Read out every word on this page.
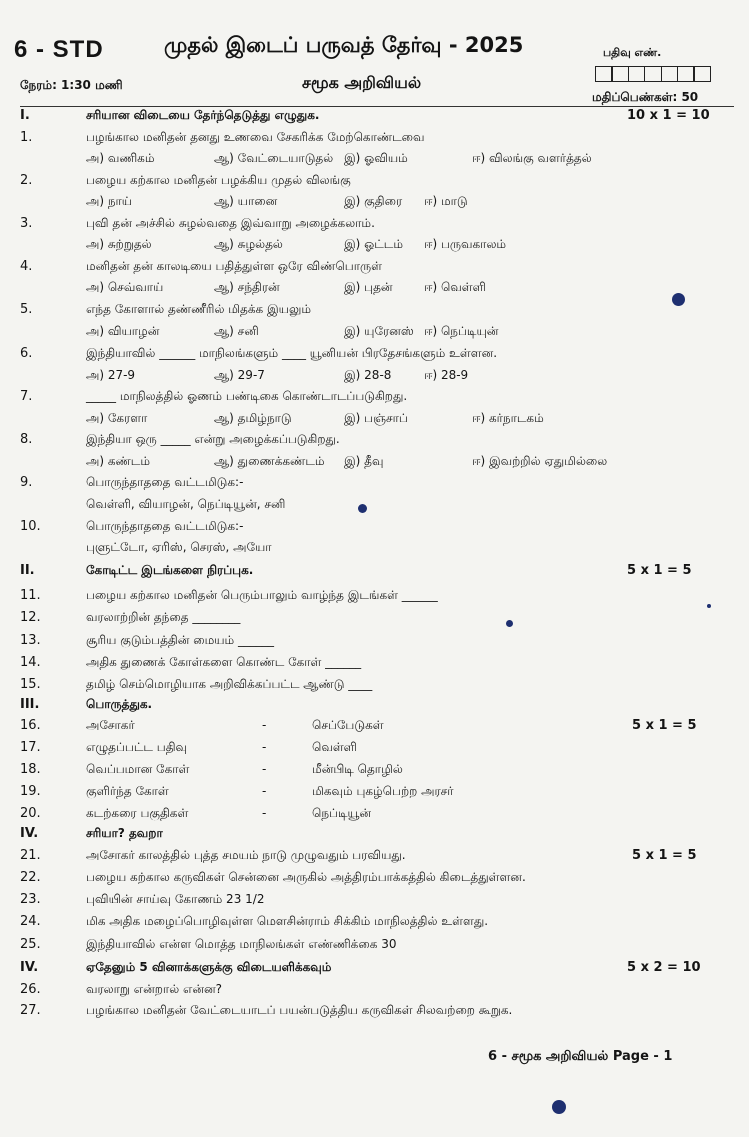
6 - STD	முதல் இடைப் பருவத் தேர்வு - 2025	பதிவு எண்.
நேரம்: 1:30 மணி	சமூக அறிவியல்
மதிப்பெண்கள்: 50
I.	சரியான விடையை தேர்ந்தெடுத்து எழுதுக.	10 x 1 = 10
1.	பழங்கால மனிதன் தனது உணவை சேகரிக்க மேற்கொண்டவை
அ) வணிகம்	ஆ) வேட்டையாடுதல் இ) ஓவியம்	ஈ) விலங்கு வளர்த்தல்
2.	பழைய கற்கால மனிதன் பழக்கிய முதல் விலங்கு
அ) நாய்	ஆ) யானை	இ) குதிரை ஈ) மாடு
3.	புவி தன் அச்சில் சுழல்வதை இவ்வாறு அழைக்கலாம்.
அ) சுற்றுதல்	ஆ) சுழல்தல்	இ) ஓட்டம் ஈ) பருவகாலம்
4.	மனிதன் தன் காலடியை பதித்துள்ள ஒரே விண்பொருள்
அ) செவ்வாய்	ஆ) சந்திரன்	இ) புதன்	ஈ) வெள்ளி
5.	எந்த கோளால் தண்ணீரில் மிதக்க இயலும்
அ) வியாழன்	ஆ) சனி	இ) யுரேனஸ் ஈ) நெப்டியுன்
6.	இந்தியாவில் ______ மாநிலங்களும் ____ யூனியன் பிரதேசங்களும் உள்ளன.
அ) 27-9	ஆ) 29-7	இ) 28-8	ஈ) 28-9
7.	_____ மாநிலத்தில் ஓணம் பண்டிகை கொண்டாடப்படுகிறது.
அ) கேரளா	ஆ) தமிழ்நாடு	இ) பஞ்சாப்	ஈ) கர்நாடகம்
8.	இந்தியா ஒரு _____ என்று அழைக்கப்படுகிறது.
அ) கண்டம்	ஆ) துணைக்கண்டம் இ) தீவு	ஈ) இவற்றில் ஏதுமில்லை
9.	பொருந்தாததை வட்டமிடுக:-
வெள்ளி, வியாழன், நெப்டியூன், சனி
10.	பொருந்தாததை வட்டமிடுக:-
புளுட்டோ, ஏரிஸ், செரஸ், அயோ
II.	கோடிட்ட இடங்களை நிரப்புக.	5 x 1 = 5
11.	பழைய கற்கால மனிதன் பெரும்பாலும் வாழ்ந்த இடங்கள் ______
12.	வரலாற்றின் தந்தை ________
13.	சூரிய குடும்பத்தின் மையம் ______
14.	அதிக துணைக் கோள்களை கொண்ட கோள் ______
15.	தமிழ் செம்மொழியாக அறிவிக்கப்பட்ட ஆண்டு ____
III.	பொருத்துக.
16.	அசோகர்	-	செப்பேடுகள்	5 x 1 = 5
17.	எழுதப்பட்ட பதிவு	-	வெள்ளி
18.	வெப்பமான கோள்	-	மீன்பிடி தொழில்
19.	குளிர்ந்த கோள்	-	மிகவும் புகழ்பெற்ற அரசர்
20.	கடற்கரை பகுதிகள்	-	நெப்டியூன்
IV.	சரியா? தவறா
21.	அசோகர் காலத்தில் புத்த சமயம் நாடு முழுவதும் பரவியது.	5 x 1 = 5
22.	பழைய கற்கால கருவிகள் சென்னை அருகில் அத்திரம்பாக்கத்தில் கிடைத்துள்ளன.
23.	புவியின் சாய்வு கோணம் 23 1/2
24.	மிக அதிக மழைப்பொழிவுள்ள மௌசின்ராம் சிக்கிம் மாநிலத்தில் உள்ளது.
25.	இந்தியாவில் என்ள மொத்த மாநிலங்கள் எண்ணிக்கை 30
IV.	ஏதேனும் 5 வினாக்களுக்கு விடையளிக்கவும்	5 x 2 = 10
26.	வரலாறு என்றால் என்ன?
27.	பழங்கால மனிதன் வேட்டையாடப் பயன்படுத்திய கருவிகள் சிலவற்றை கூறுக.
6 - சமூக அறிவியல் Page - 1
